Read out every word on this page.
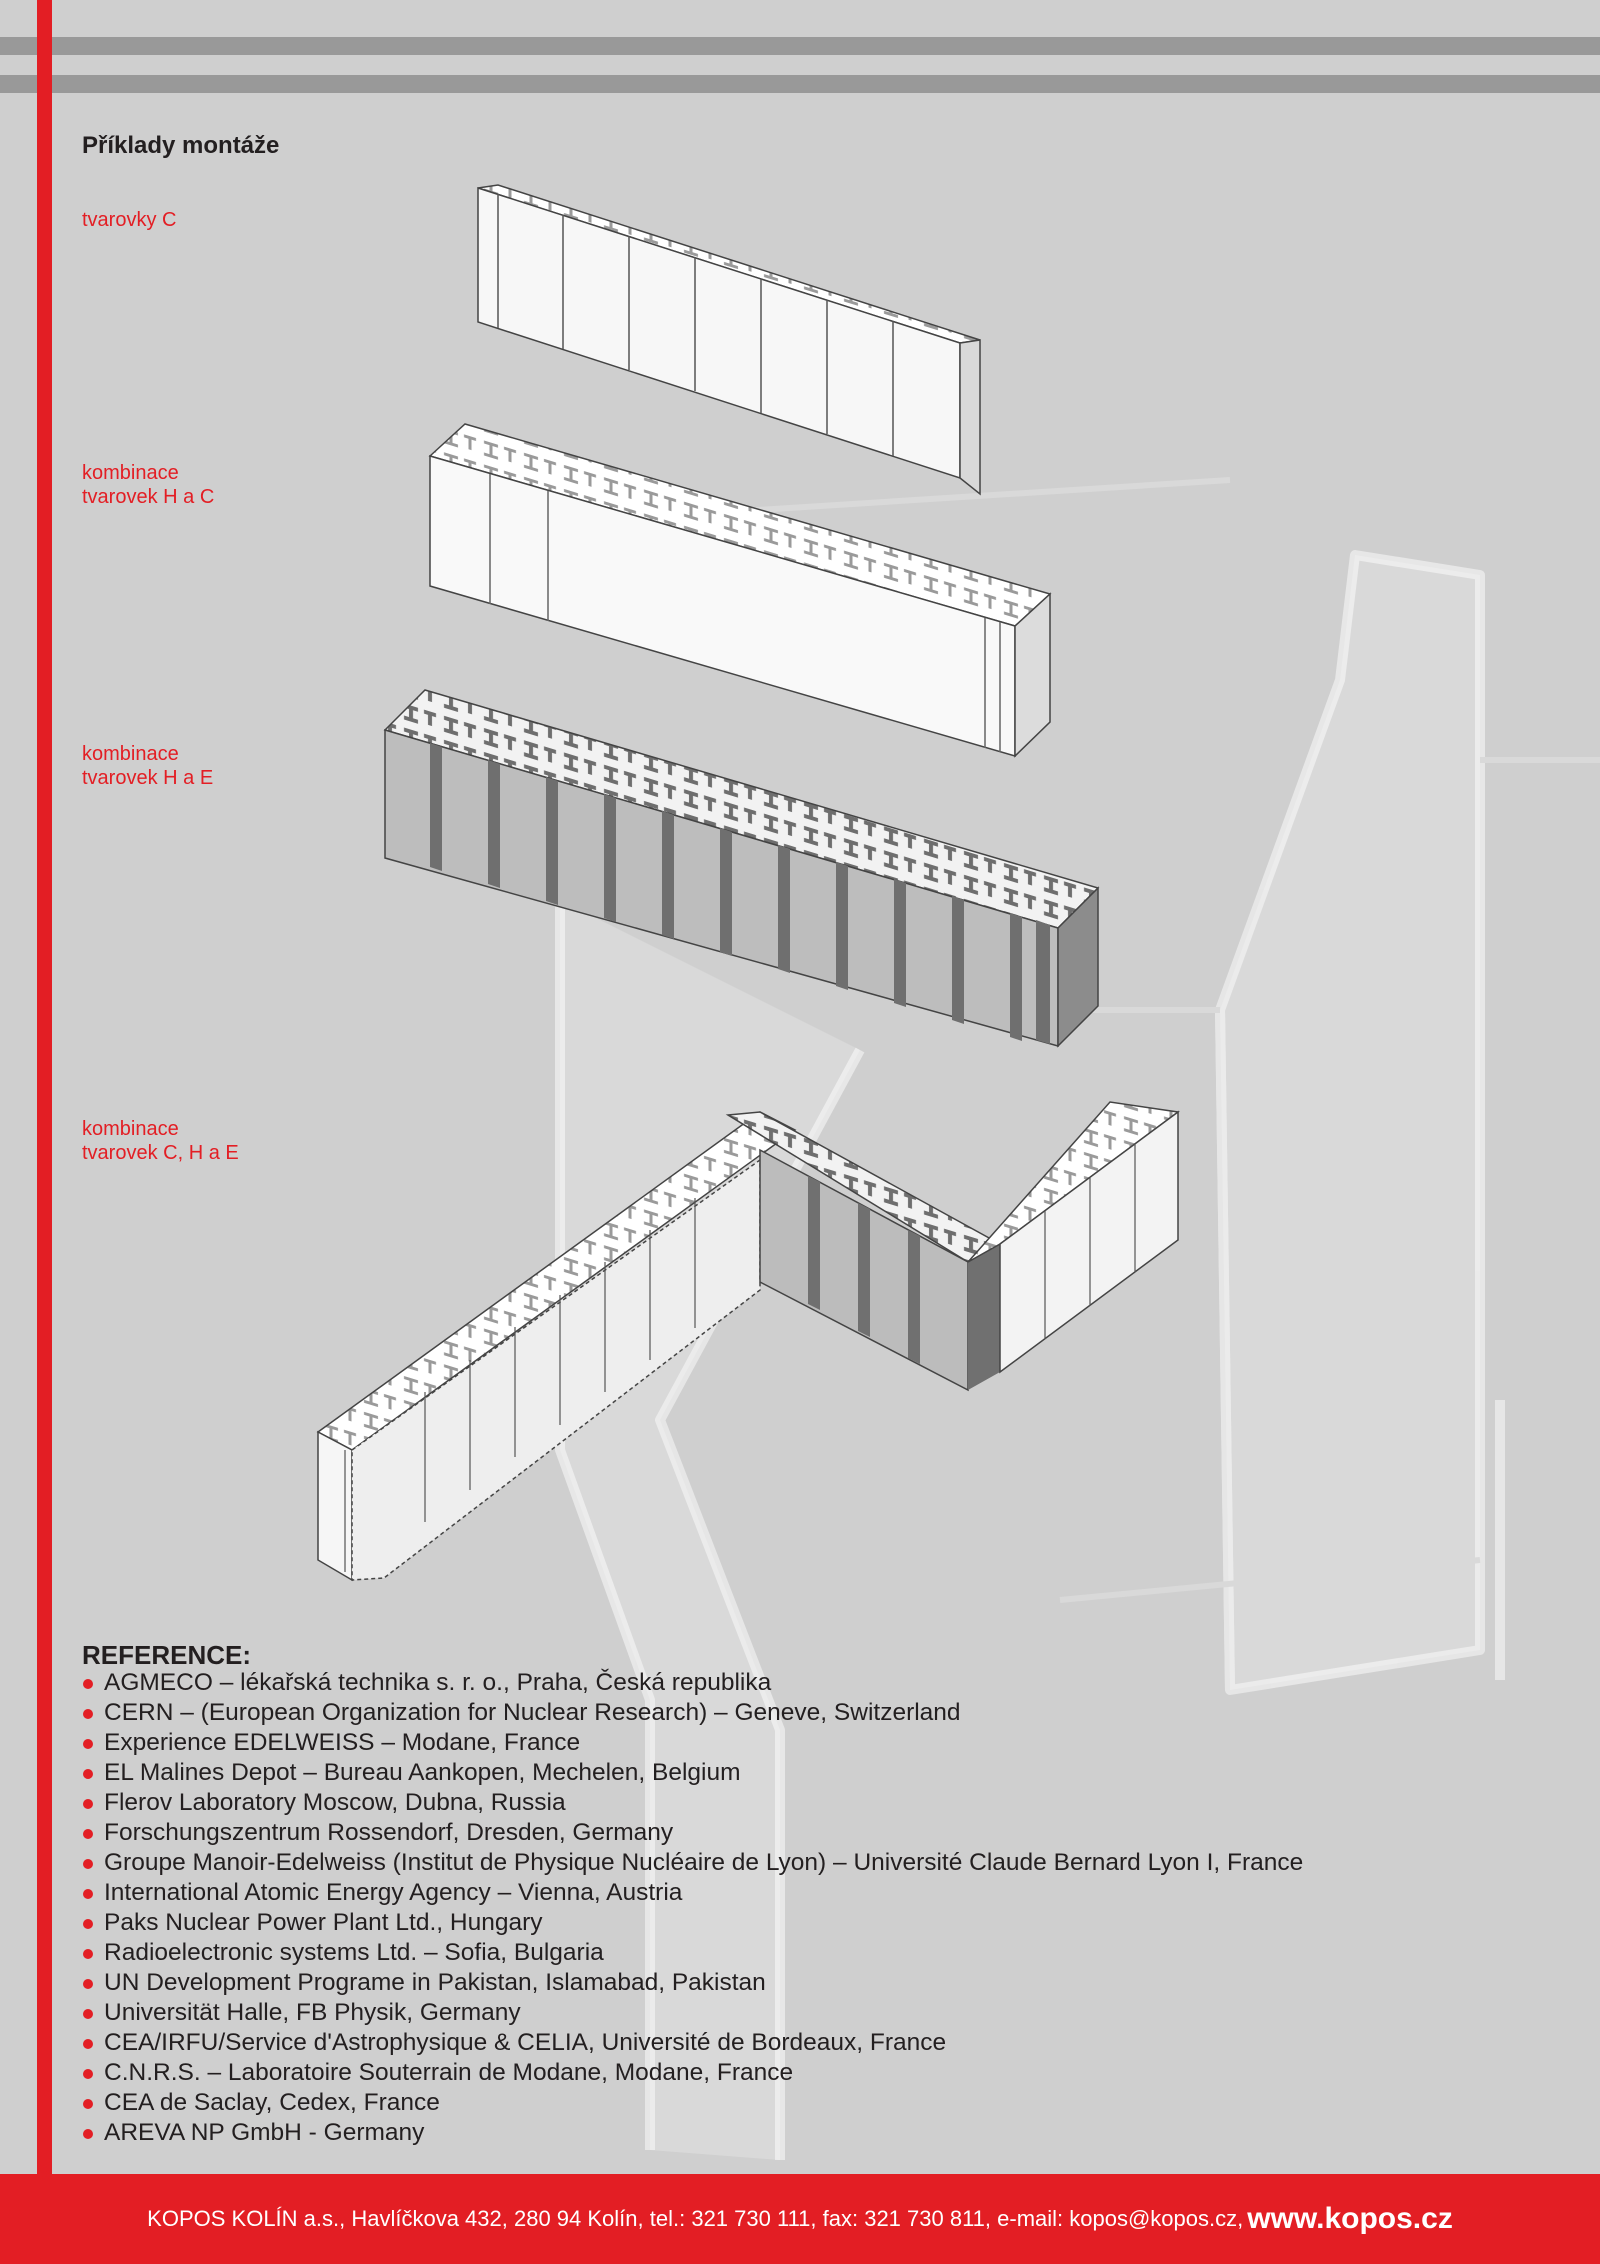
Příklady montáže
tvarovky C
kombinace
tvarovek H a C
kombinace
tvarovek H a E
kombinace
tvarovek C, H a E
REFERENCE:
AGMECO – lékařská technika s. r. o., Praha, Česká republika
CERN – (European Organization for Nuclear Research) – Geneve, Switzerland
Experience EDELWEISS – Modane, France
EL Malines Depot – Bureau Aankopen, Mechelen, Belgium
Flerov Laboratory Moscow, Dubna, Russia
Forschungszentrum Rossendorf, Dresden, Germany
Groupe Manoir-Edelweiss (Institut de Physique Nucléaire de Lyon) – Université Claude Bernard Lyon I, France
International Atomic Energy Agency – Vienna, Austria
Paks Nuclear Power Plant Ltd., Hungary
Radioelectronic systems Ltd. – Sofia, Bulgaria
UN Development Programe in Pakistan, Islamabad, Pakistan
Universität Halle, FB Physik, Germany
CEA/IRFU/Service d'Astrophysique & CELIA, Université de Bordeaux, France
C.N.R.S. – Laboratoire Souterrain de Modane, Modane, France
CEA de Saclay, Cedex, France
AREVA NP GmbH - Germany
KOPOS KOLÍN a.s., Havlíčkova 432, 280 94 Kolín, tel.: 321 730 111, fax: 321 730 811, e-mail: kopos@kopos.cz, www.kopos.cz
